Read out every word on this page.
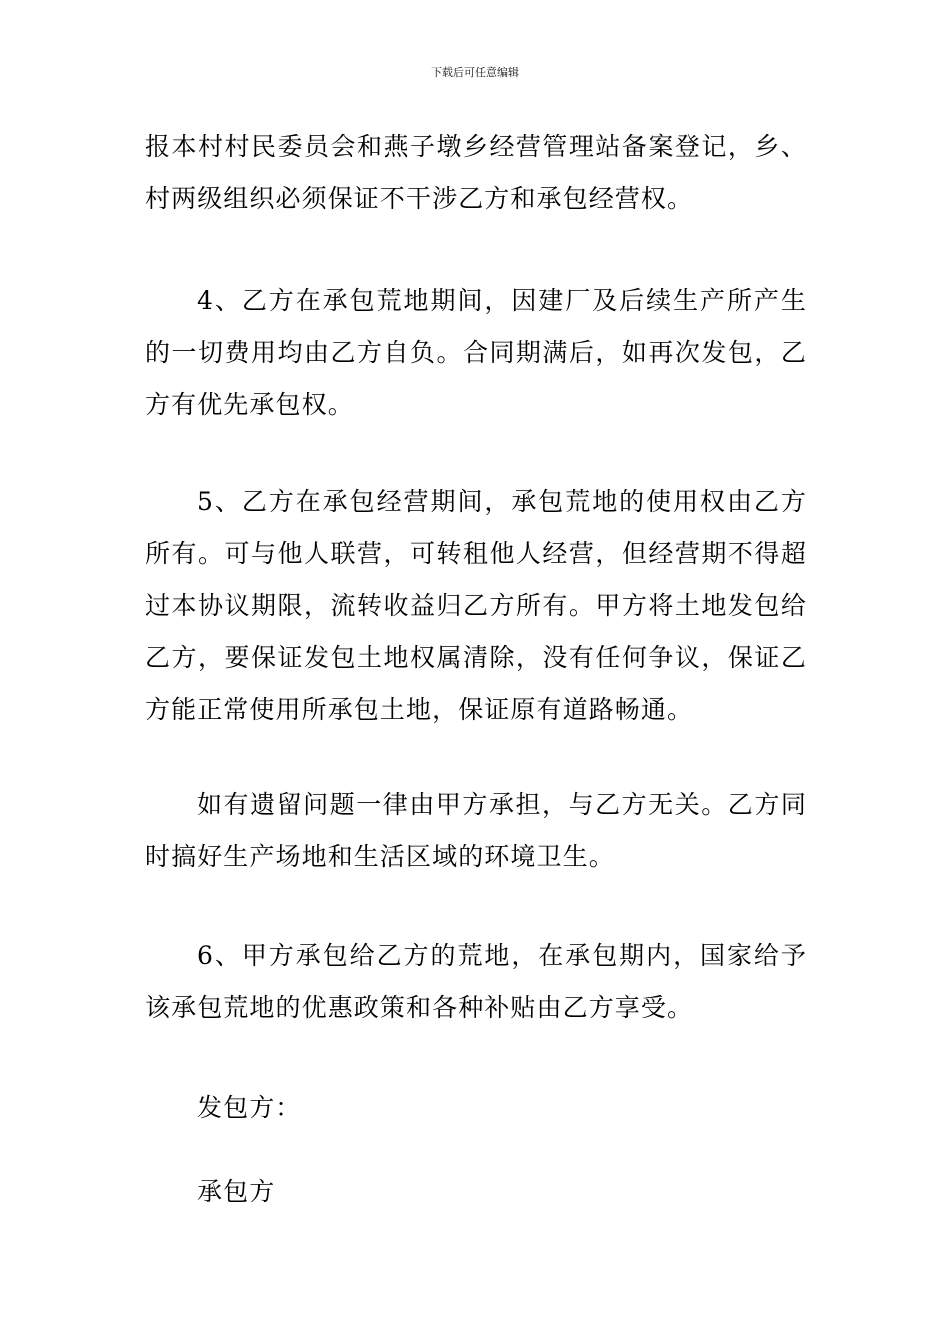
下载后可任意编辑

报本村村民委员会和燕子墩乡经营管理站备案登记，乡、村两级组织必须保证不干涉乙方和承包经营权。

4、乙方在承包荒地期间，因建厂及后续生产所产生的一切费用均由乙方自负。合同期满后，如再次发包，乙方有优先承包权。

5、乙方在承包经营期间，承包荒地的使用权由乙方所有。可与他人联营，可转租他人经营，但经营期不得超过本协议期限，流转收益归乙方所有。甲方将土地发包给乙方，要保证发包土地权属清除，没有任何争议，保证乙方能正常使用所承包土地，保证原有道路畅通。

如有遗留问题一律由甲方承担，与乙方无关。乙方同时搞好生产场地和生活区域的环境卫生。

6、甲方承包给乙方的荒地，在承包期内，国家给予该承包荒地的优惠政策和各种补贴由乙方享受。

发包方：

承包方
